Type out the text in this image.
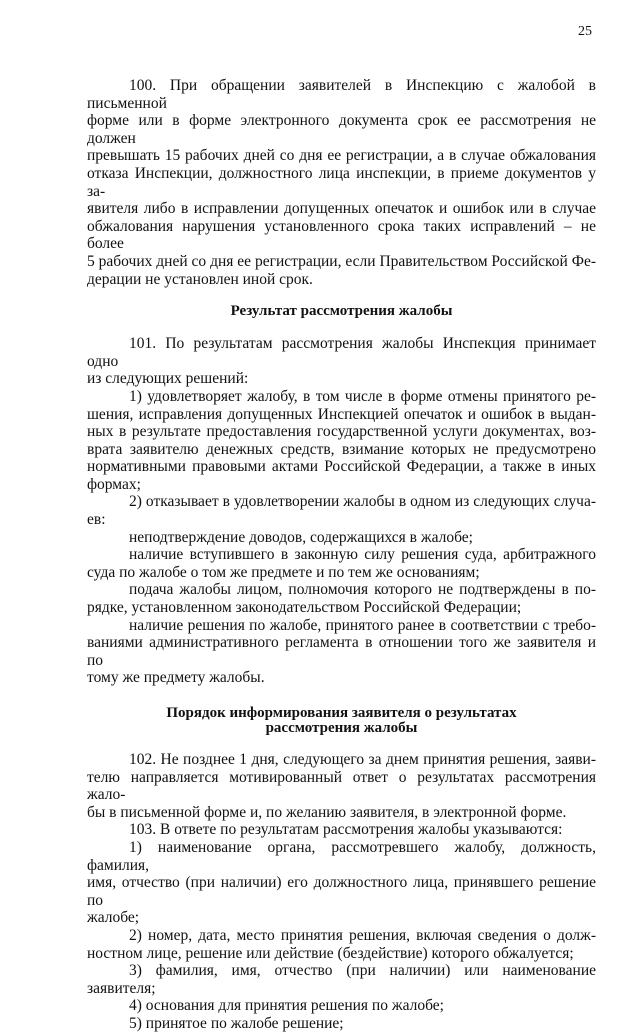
25

100. При обращении заявителей в Инспекцию с жалобой в письменной
форме или в форме электронного документа срок ее рассмотрения не должен
превышать 15 рабочих дней со дня ее регистрации, а в случае обжалования
отказа Инспекции, должностного лица инспекции, в приеме документов у за-
явителя либо в исправлении допущенных опечаток и ошибок или в случае
обжалования нарушения установленного срока таких исправлений – не более
5 рабочих дней со дня ее регистрации, если Правительством Российской Фе-
дерации не установлен иной срок.

Результат рассмотрения жалобы

101. По результатам рассмотрения жалобы Инспекция принимает одно
из следующих решений:

1) удовлетворяет жалобу, в том числе в форме отмены принятого ре-
шения, исправления допущенных Инспекцией опечаток и ошибок в выдан-
ных в результате предоставления государственной услуги документах, воз-
врата заявителю денежных средств, взимание которых не предусмотрено
нормативными правовыми актами Российской Федерации, а также в иных
формах;

2) отказывает в удовлетворении жалобы в одном из следующих случа-
ев:

неподтверждение доводов, содержащихся в жалобе;

наличие вступившего в законную силу решения суда, арбитражного
суда по жалобе о том же предмете и по тем же основаниям;

подача жалобы лицом, полномочия которого не подтверждены в по-
рядке, установленном законодательством Российской Федерации;

наличие решения по жалобе, принятого ранее в соответствии с требо-
ваниями административного регламента в отношении того же заявителя и по
тому же предмету жалобы.

Порядок информирования заявителя о результатах
рассмотрения жалобы

102. Не позднее 1 дня, следующего за днем принятия решения, заяви-
телю направляется мотивированный ответ о результатах рассмотрения жало-
бы в письменной форме и, по желанию заявителя, в электронной форме.

103. В ответе по результатам рассмотрения жалобы указываются:

1) наименование органа, рассмотревшего жалобу, должность, фамилия,
имя, отчество (при наличии) его должностного лица, принявшего решение по
жалобе;

2) номер, дата, место принятия решения, включая сведения о долж-
ностном лице, решение или действие (бездействие) которого обжалуется;

3) фамилия, имя, отчество (при наличии) или наименование заявителя;

4) основания для принятия решения по жалобе;

5) принятое по жалобе решение;
